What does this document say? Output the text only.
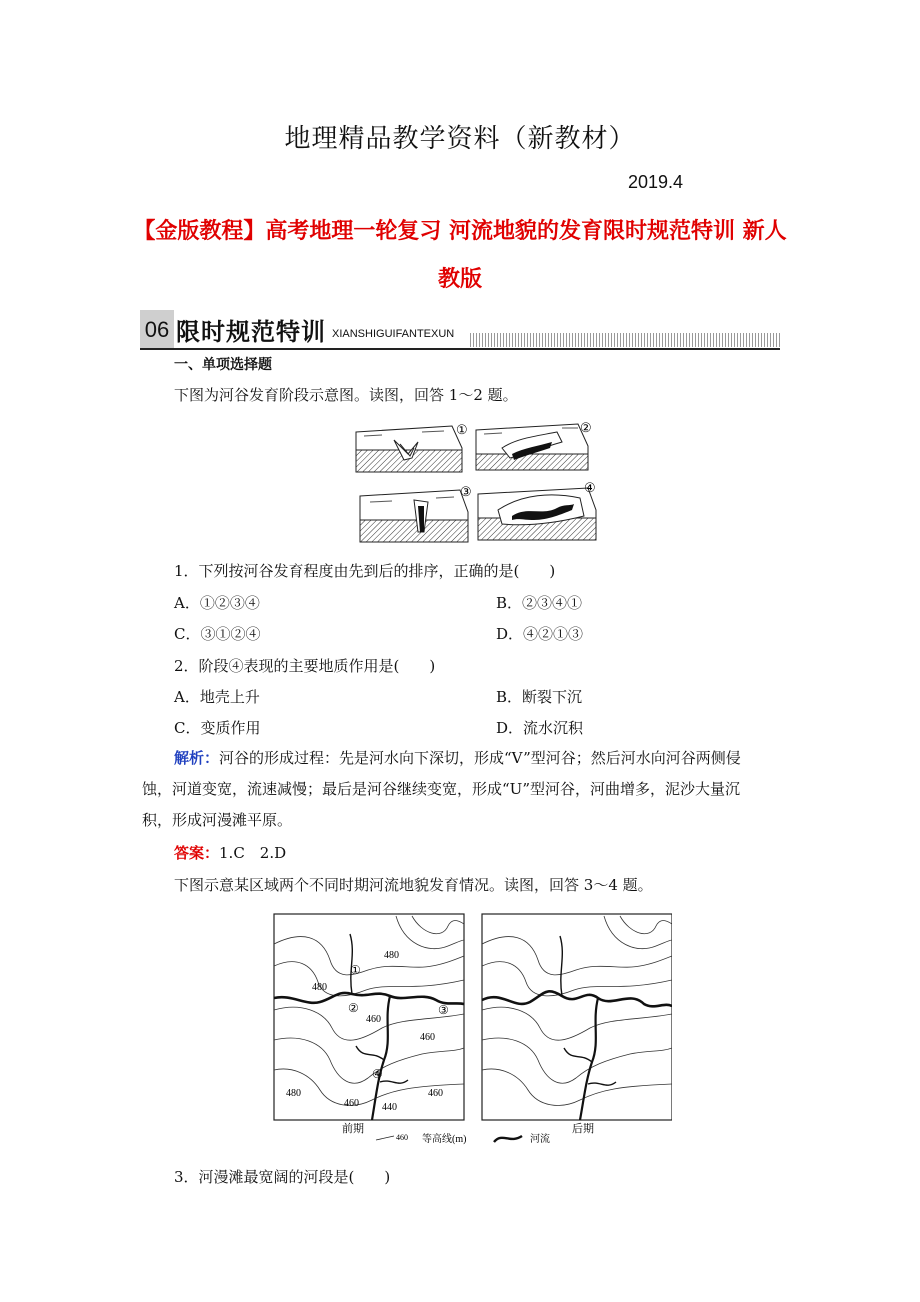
地理精品教学资料（新教材）
2019.4
【金版教程】高考地理一轮复习 河流地貌的发育限时规范特训 新人
教版
06 限时规范特训 XIANSHIGUIFANTEXUN
一、单项选择题
下图为河谷发育阶段示意图。读图，回答 1～2 题。
①	②
③	④
1．下列按河谷发育程度由先到后的排序，正确的是(　　)
A．①②③④	B．②③④①
C．③①②④	D．④②①③
2．阶段④表现的主要地质作用是(　　)
A．地壳上升	B．断裂下沉
C．变质作用	D．流水沉积
解析：河谷的形成过程：先是河水向下深切，形成“V”型河谷；然后河水向河谷两侧侵
蚀，河道变宽，流速减慢；最后是河谷继续变宽，形成“U”型河谷，河曲增多，泥沙大量沉
积，形成河漫滩平原。
答案：1.C　2.D
下图示意某区域两个不同时期河流地貌发育情况。读图，回答 3～4 题。
480
480
460
460
460
480	460
440
①
②	③
④
前期	后期
460 等高线(m)	河流
3．河漫滩最宽阔的河段是(　　)
